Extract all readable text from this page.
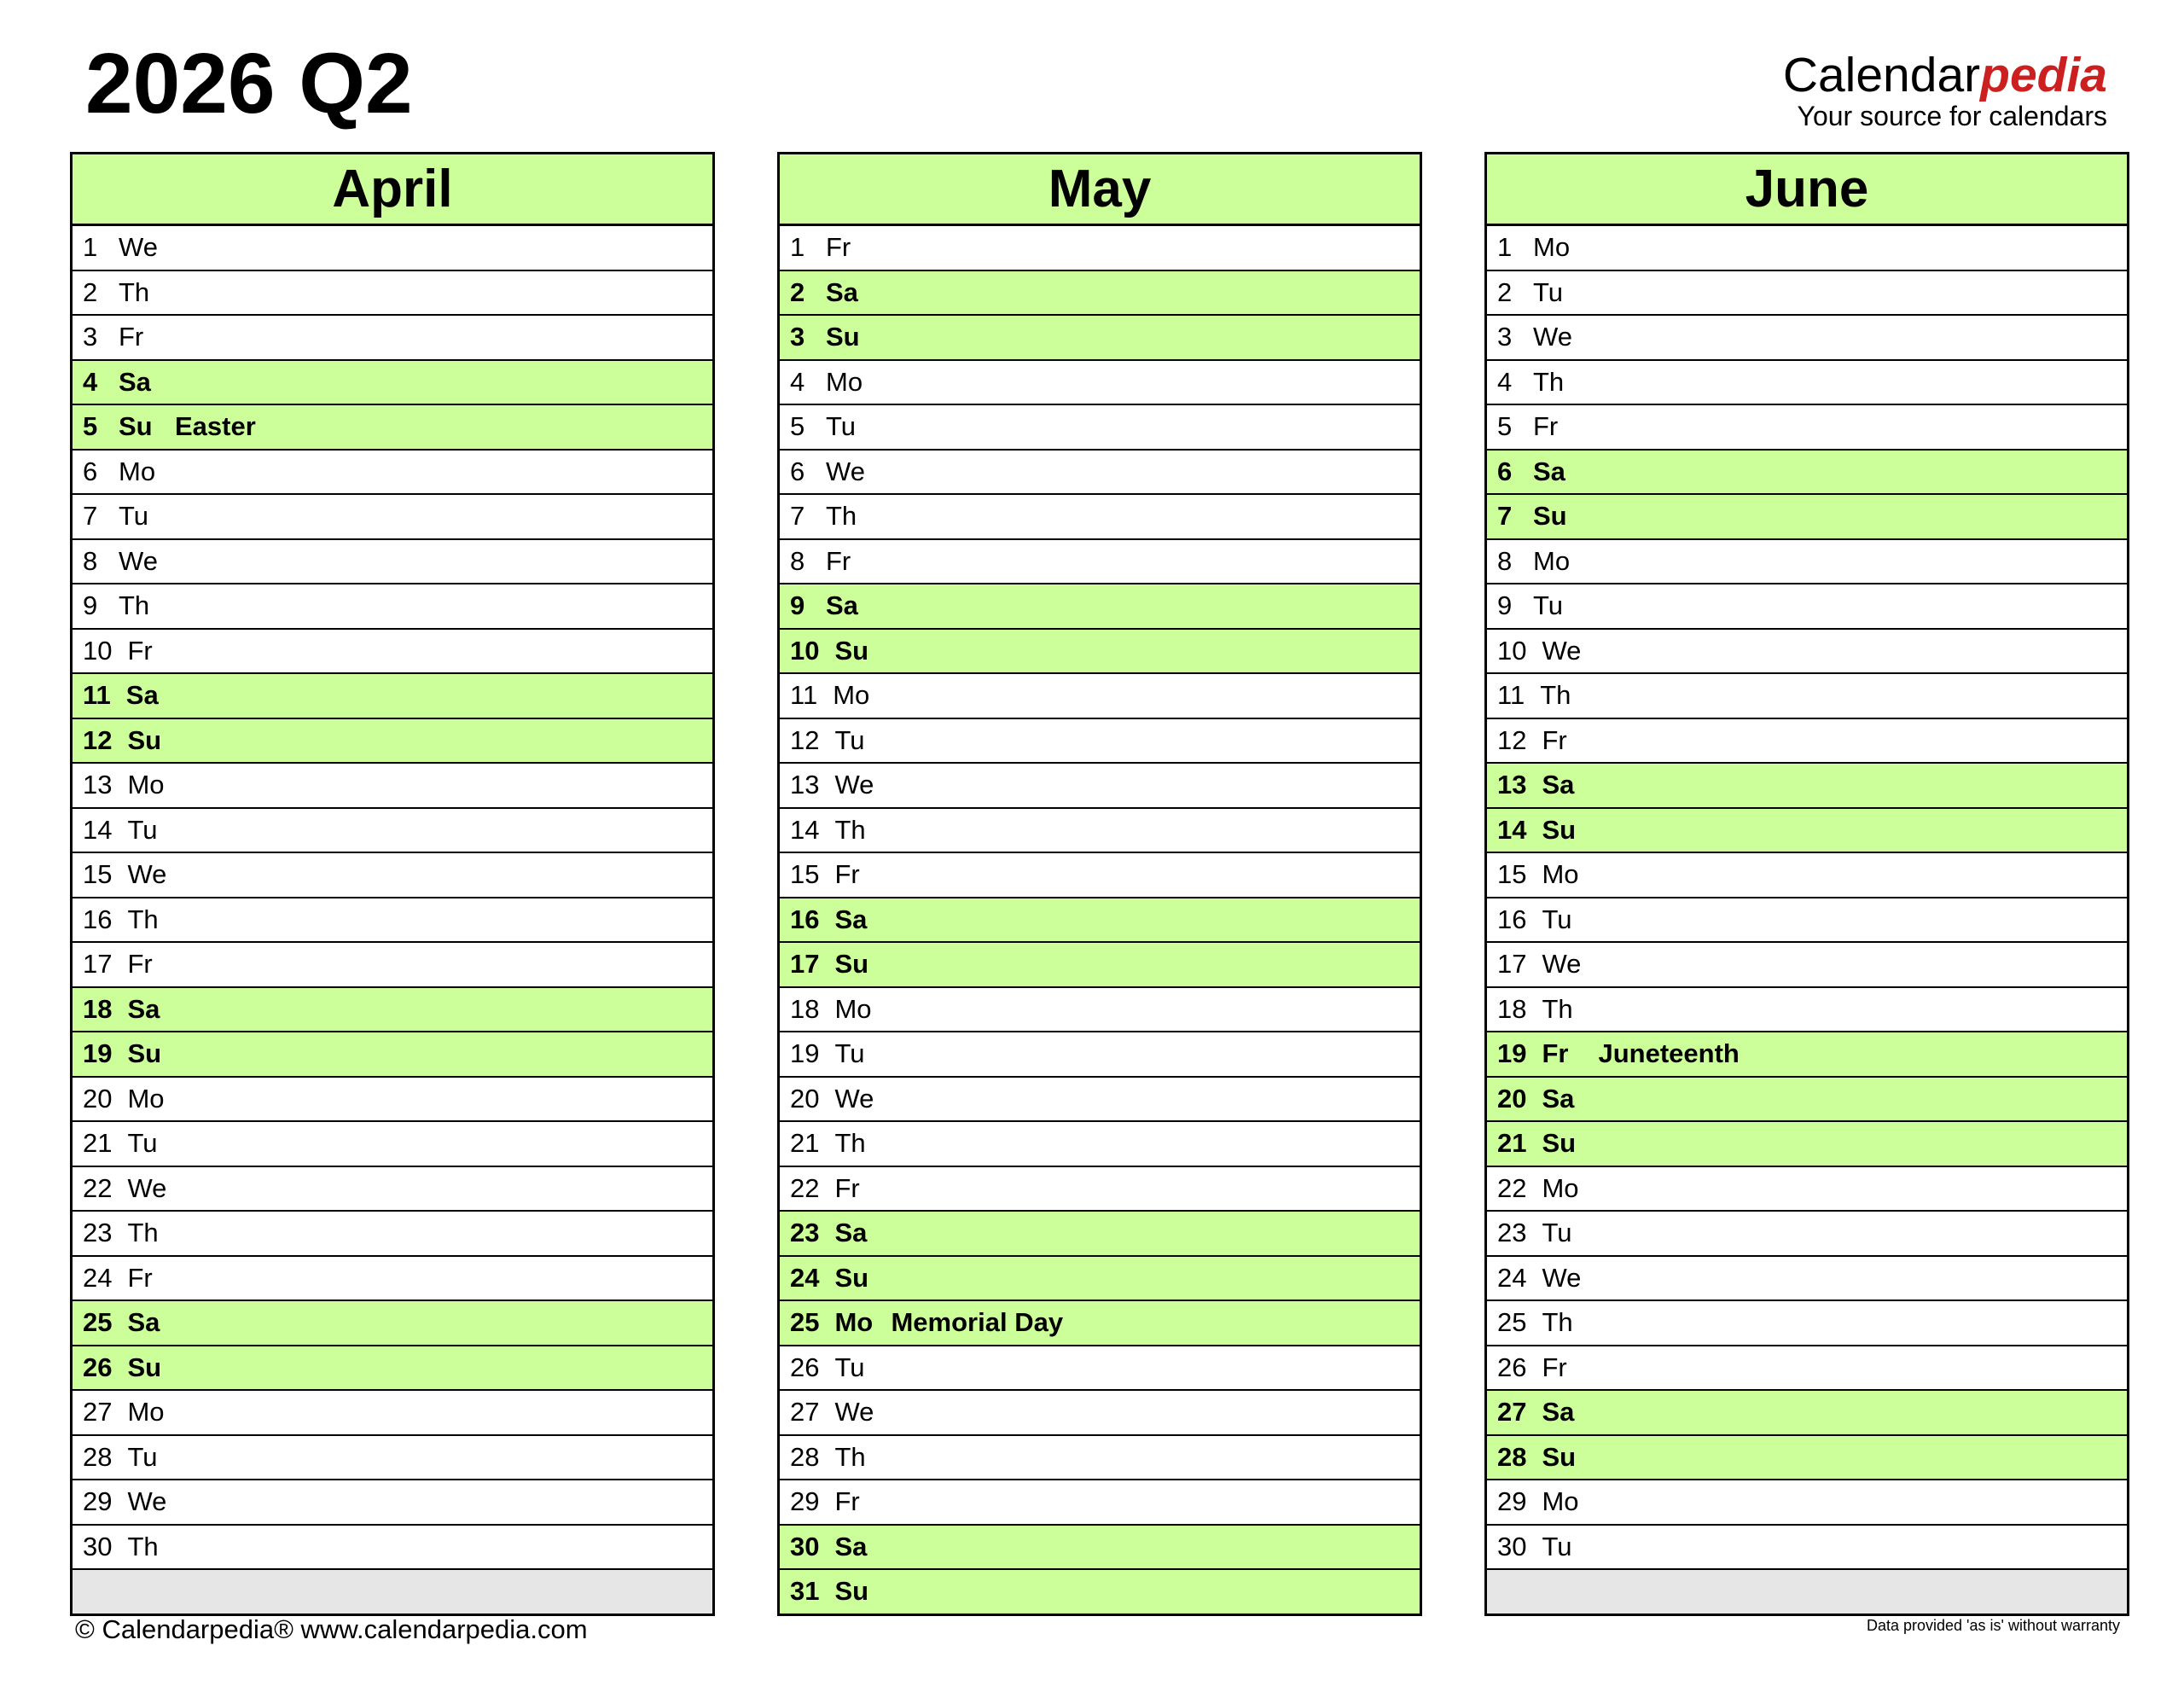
2026 Q2	Calendarpedia
Your source for calendars
April
1 We
2 Th
3 Fr
4 Sa
5 Su Easter
6 Mo
7 Tu
8 We
9 Th
10 Fr
11 Sa
12 Su
13 Mo
14 Tu
15 We
16 Th
17 Fr
18 Sa
19 Su
20 Mo
21 Tu
22 We
23 Th
24 Fr
25 Sa
26 Su
27 Mo
28 Tu
29 We
30 Th
May
1 Fr
2 Sa
3 Su
4 Mo
5 Tu
6 We
7 Th
8 Fr
9 Sa
10 Su
11 Mo
12 Tu
13 We
14 Th
15 Fr
16 Sa
17 Su
18 Mo
19 Tu
20 We
21 Th
22 Fr
23 Sa
24 Su
25 Mo Memorial Day
26 Tu
27 We
28 Th
29 Fr
30 Sa
31 Su
June
1 Mo
2 Tu
3 We
4 Th
5 Fr
6 Sa
7 Su
8 Mo
9 Tu
10 We
11 Th
12 Fr
13 Sa
14 Su
15 Mo
16 Tu
17 We
18 Th
19 Fr	Juneteenth
20 Sa
21 Su
22 Mo
23 Tu
24 We
25 Th
26 Fr
27 Sa
28 Su
29 Mo
30 Tu
© Calendarpedia® www.calendarpedia.com	Data provided 'as is' without warranty
